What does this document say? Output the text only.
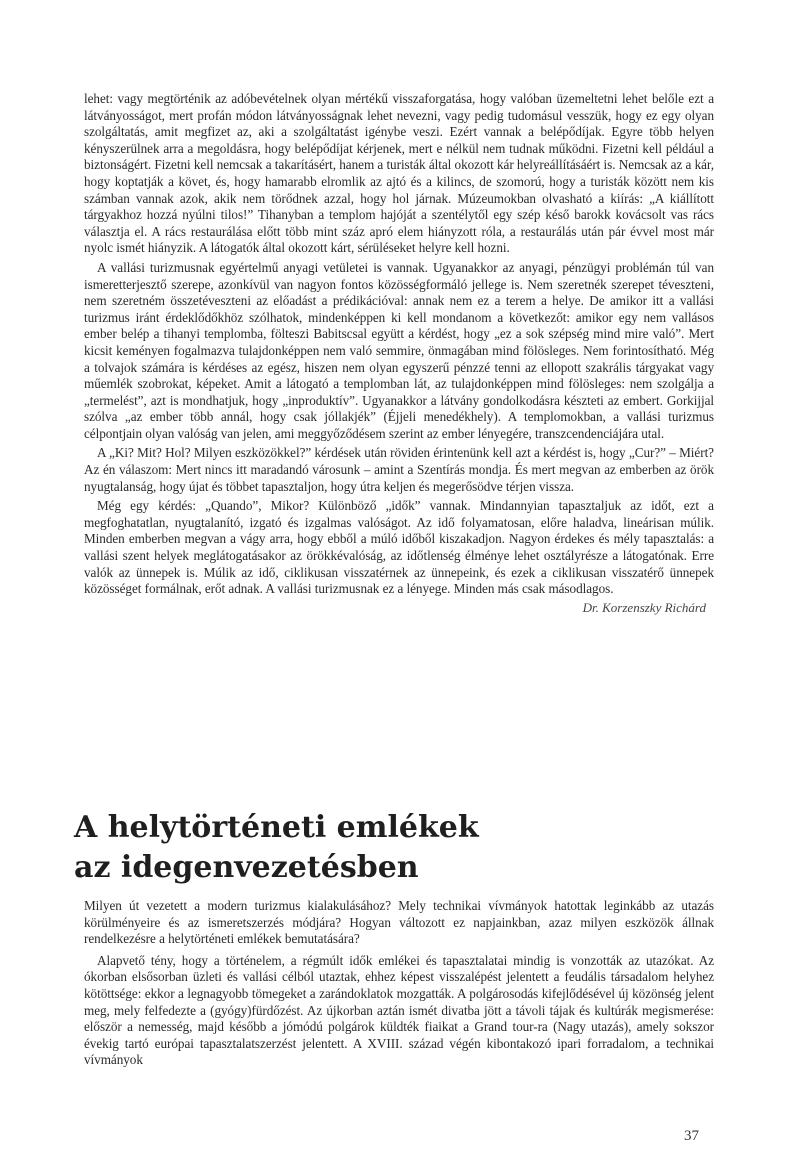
lehet: vagy megtörténik az adóbevételnek olyan mértékű visszaforgatása, hogy valóban üzemeltetni lehet belőle ezt a látványosságot, mert profán módon látványosságnak lehet nevezni, vagy pedig tudomásul vesszük, hogy ez egy olyan szolgáltatás, amit megfizet az, aki a szolgáltatást igénybe veszi. Ezért vannak a belépődíjak. Egyre több helyen kényszerülnek arra a megoldásra, hogy belépődíjat kérjenek, mert e nélkül nem tudnak működni. Fizetni kell például a biztonságért. Fizetni kell nemcsak a takarításért, hanem a turisták által okozott kár helyreállításáért is. Nemcsak az a kár, hogy koptatják a követ, és, hogy hamarabb elromlik az ajtó és a kilincs, de szomorú, hogy a turisták között nem kis számban vannak azok, akik nem törődnek azzal, hogy hol járnak. Múzeumokban olvasható a kiírás: „A kiállított tárgyakhoz hozzá nyúlni tilos!” Tihanyban a templom hajóját a szentélytől egy szép késő barokk kovácsolt vas rács választja el. A rács restaurálása előtt több mint száz apró elem hiányzott róla, a restaurálás után pár évvel most már nyolc ismét hiányzik. A látogatók által okozott kárt, sérüléseket helyre kell hozni.

A vallási turizmusnak egyértelmű anyagi vetületei is vannak. Ugyanakkor az anyagi, pénzügyi problémán túl van ismeretterjesztő szerepe, azonkívül van nagyon fontos közösségformáló jellege is. Nem szeretnék szerepet téveszteni, nem szeretném összetéveszteni az előadást a prédikációval: annak nem ez a terem a helye. De amikor itt a vallási turizmus iránt érdeklődőkhöz szólhatok, mindenképpen ki kell mondanom a következőt: amikor egy nem vallásos ember belép a tihanyi templomba, fölteszi Babitscsal együtt a kérdést, hogy „ez a sok szépség mind mire való”. Mert kicsit keményen fogalmazva tulajdonképpen nem való semmire, önmagában mind fölösleges. Nem forintosítható. Még a tolvajok számára is kérdéses az egész, hiszen nem olyan egyszerű pénzzé tenni az ellopott szakrális tárgyakat vagy műemlék szobrokat, képeket. Amit a látogató a templomban lát, az tulajdonképpen mind fölösleges: nem szolgálja a „termelést”, azt is mondhatjuk, hogy „inproduktív”. Ugyanakkor a látvány gondolkodásra készteti az embert. Gorkijjal szólva „az ember több annál, hogy csak jóllakjék” (Éjjeli menedékhely). A templomokban, a vallási turizmus célpontjain olyan valóság van jelen, ami meggyőződésem szerint az ember lényegére, transzcendenciájára utal.

A „Ki? Mit? Hol? Milyen eszközökkel?” kérdések után röviden érintenünk kell azt a kérdést is, hogy „Cur?” – Miért? Az én válaszom: Mert nincs itt maradandó városunk – amint a Szentírás mondja. És mert megvan az emberben az örök nyugtalanság, hogy újat és többet tapasztaljon, hogy útra keljen és megerősödve térjen vissza.

Még egy kérdés: „Quando”, Mikor? Különböző „idők” vannak. Mindannyian tapasztaljuk az időt, ezt a megfoghatatlan, nyugtalanító, izgató és izgalmas valóságot. Az idő folyamatosan, előre haladva, lineárisan múlik. Minden emberben megvan a vágy arra, hogy ebből a múló időből kiszakadjon. Nagyon érdekes és mély tapasztalás: a vallási szent helyek meglátogatásakor az örökkévalóság, az időtlenség élménye lehet osztályrésze a látogatónak. Erre valók az ünnepek is. Múlik az idő, ciklikusan visszatérnek az ünnepeink, és ezek a ciklikusan visszatérő ünnepek közösséget formálnak, erőt adnak. A vallási turizmusnak ez a lényege. Minden más csak másodlagos.

Dr. Korzenszky Richárd
A helytörténeti emlékek
az idegenvezetésben

Milyen út vezetett a modern turizmus kialakulásához? Mely technikai vívmányok hatottak leginkább az utazás körülményeire és az ismeretszerzés módjára? Hogyan változott ez napjainkban, azaz milyen eszközök állnak rendelkezésre a helytörténeti emlékek bemutatására?

Alapvető tény, hogy a történelem, a régmúlt idők emlékei és tapasztalatai mindig is vonzották az utazókat. Az ókorban elsősorban üzleti és vallási célból utaztak, ehhez képest visszalépést jelentett a feudális társadalom helyhez kötöttsége: ekkor a legnagyobb tömegeket a zarándoklatok mozgatták. A polgárosodás kifejlődésével új közönség jelent meg, mely felfedezte a (gyógy)fürdőzést. Az újkorban aztán ismét divatba jött a távoli tájak és kultúrák megismerése: először a nemesség, majd később a jómódú polgárok küldték fiaikat a Grand tour-ra (Nagy utazás), amely sokszor évekig tartó európai tapasztalatszerzést jelentett. A XVIII. század végén kibontakozó ipari forradalom, a technikai vívmányok

37
